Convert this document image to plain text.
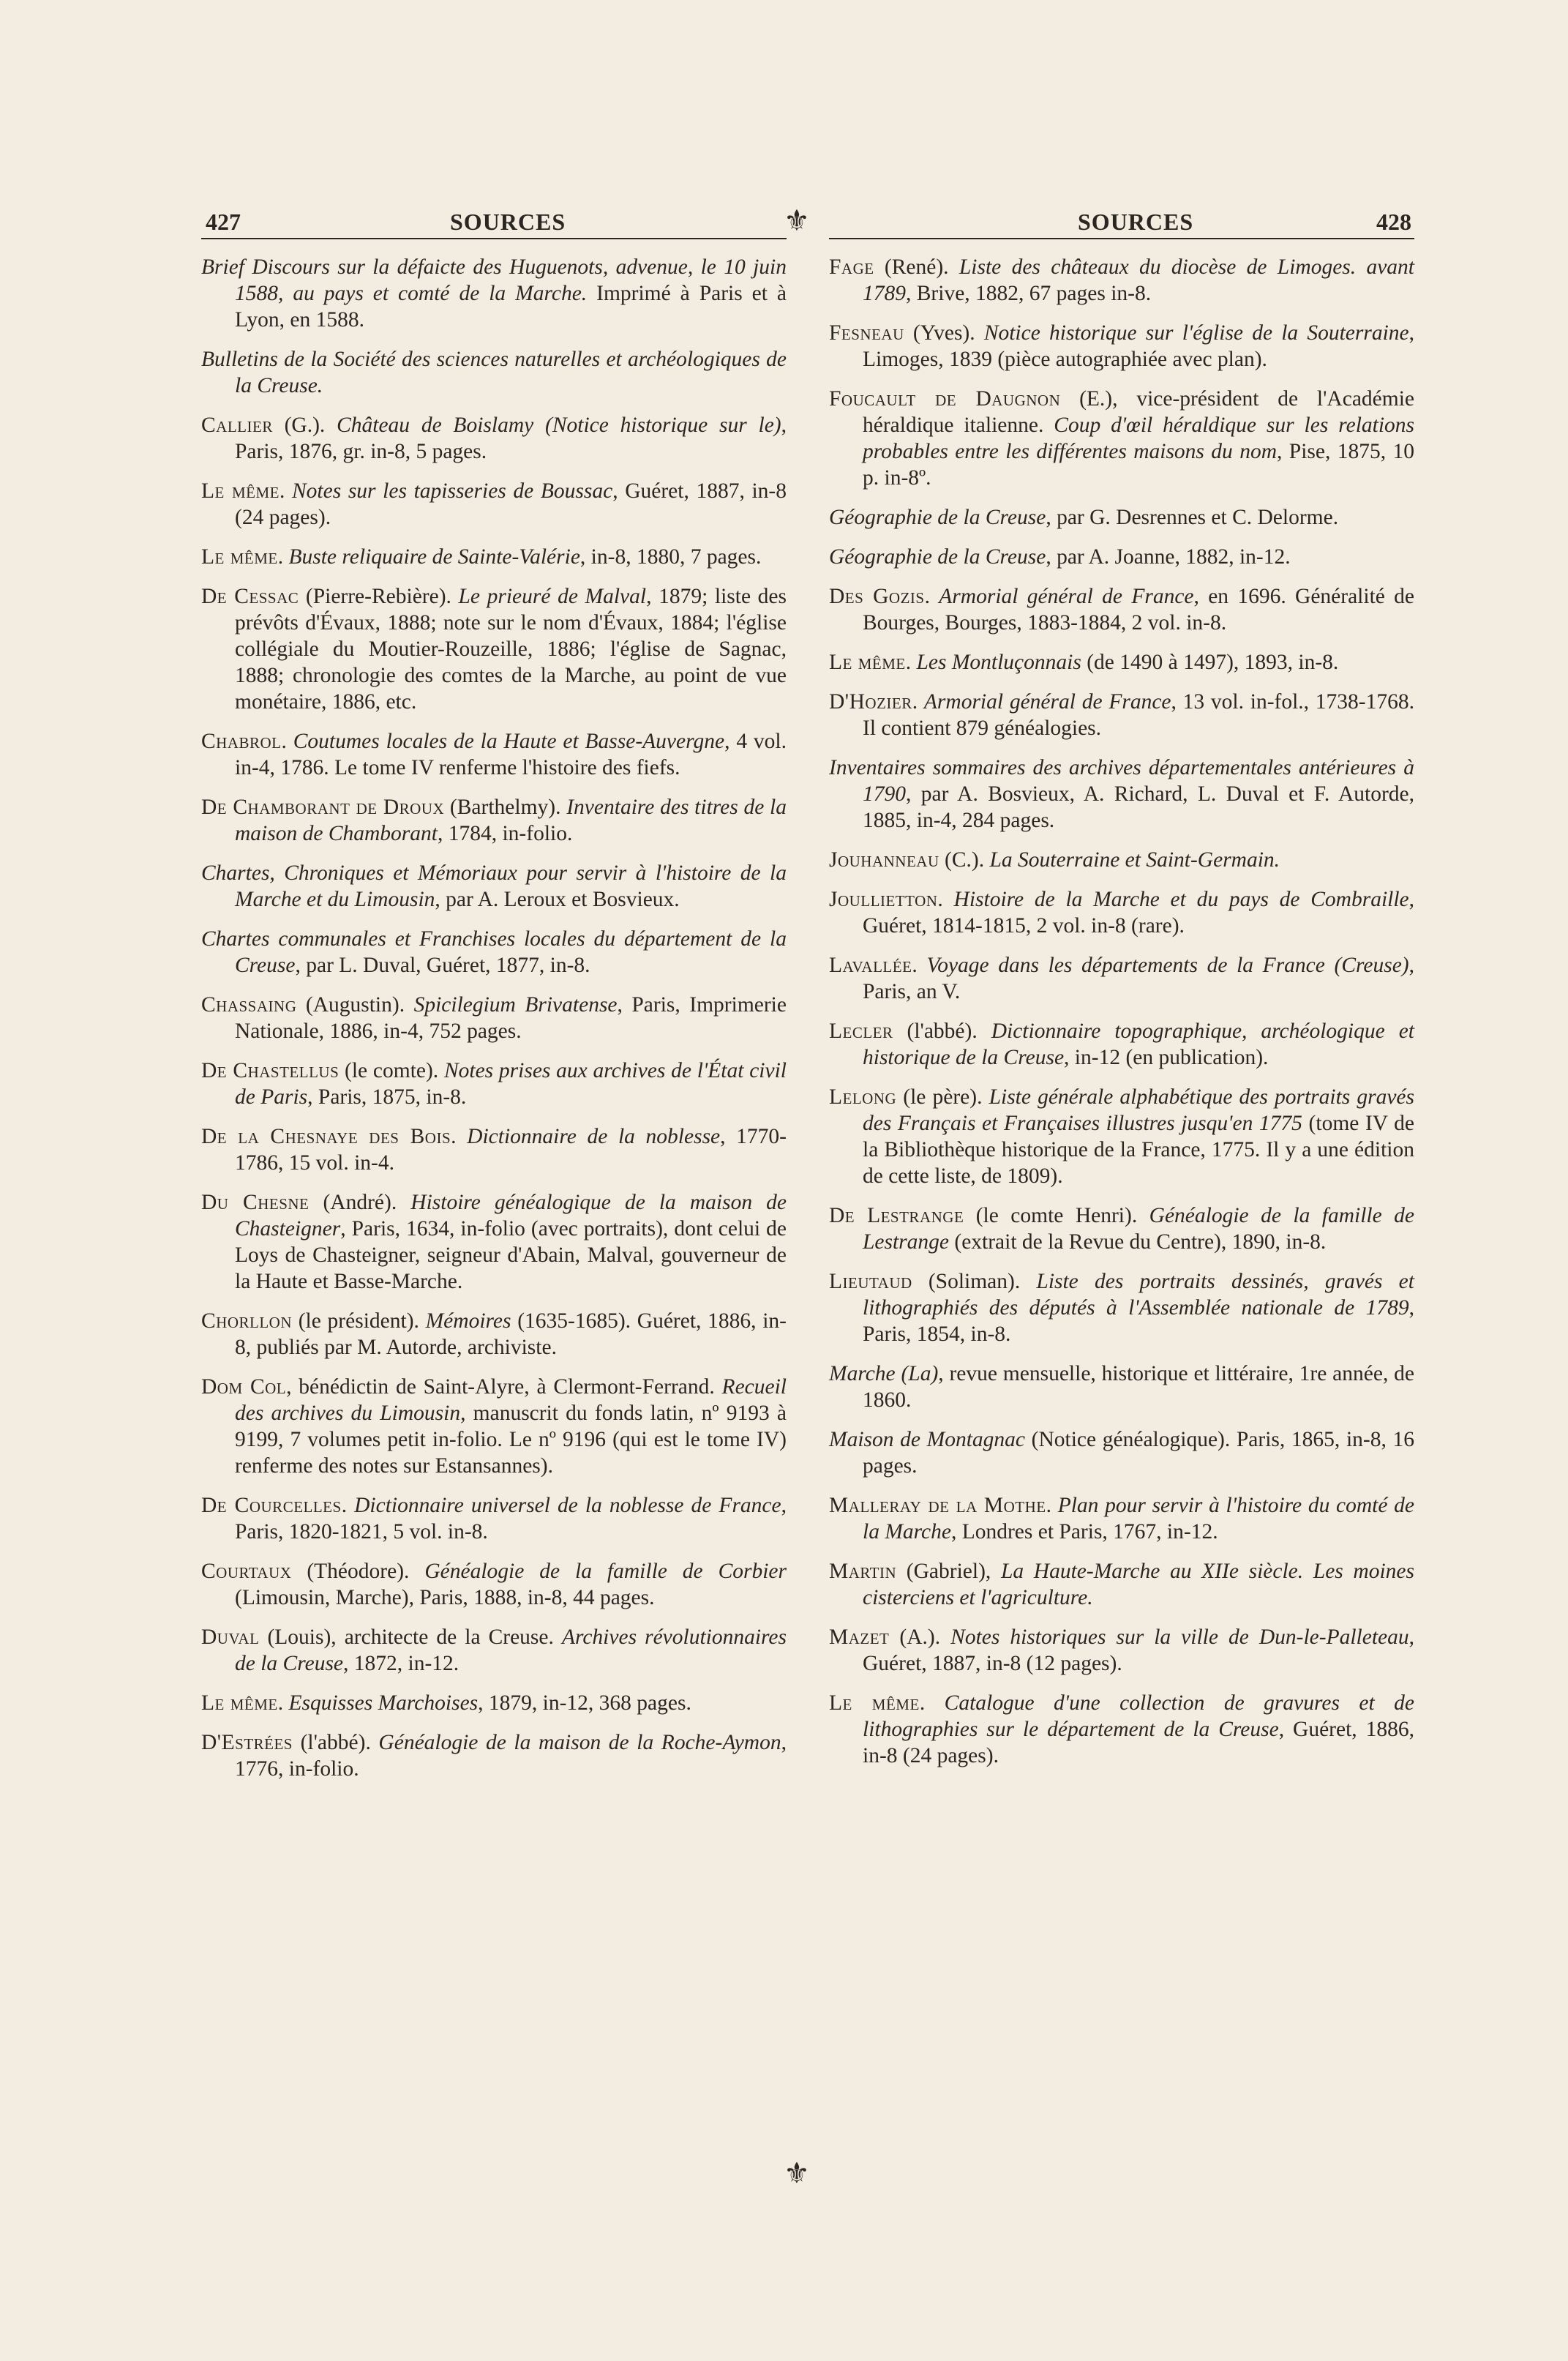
⚜
⚜
427	SOURCES

Brief Discours sur la défaicte des Huguenots, advenue, le 10 juin 1588, au pays et comté de la Marche. Imprimé à Paris et à Lyon, en 1588.

Bulletins de la Société des sciences naturelles et archéologiques de la Creuse.

Callier (G.). Château de Boislamy (Notice historique sur le), Paris, 1876, gr. in-8, 5 pages.

Le même. Notes sur les tapisseries de Boussac, Guéret, 1887, in-8 (24 pages).

Le même. Buste reliquaire de Sainte-Valérie, in-8, 1880, 7 pages.

De Cessac (Pierre-Rebière). Le prieuré de Malval, 1879; liste des prévôts d'Évaux, 1888; note sur le nom d'Évaux, 1884; l'église collégiale du Moutier-Rouzeille, 1886; l'église de Sagnac, 1888; chronologie des comtes de la Marche, au point de vue monétaire, 1886, etc.

Chabrol. Coutumes locales de la Haute et Basse-Auvergne, 4 vol. in-4, 1786. Le tome IV renferme l'histoire des fiefs.

De Chamborant de Droux (Barthelmy). Inventaire des titres de la maison de Chamborant, 1784, in-folio.

Chartes, Chroniques et Mémoriaux pour servir à l'histoire de la Marche et du Limousin, par A. Leroux et Bosvieux.

Chartes communales et Franchises locales du département de la Creuse, par L. Duval, Guéret, 1877, in-8.

Chassaing (Augustin). Spicilegium Brivatense, Paris, Imprimerie Nationale, 1886, in-4, 752 pages.

De Chastellus (le comte). Notes prises aux archives de l'État civil de Paris, Paris, 1875, in-8.

De la Chesnaye des Bois. Dictionnaire de la noblesse, 1770-1786, 15 vol. in-4.

Du Chesne (André). Histoire généalogique de la maison de Chasteigner, Paris, 1634, in-folio (avec portraits), dont celui de Loys de Chasteigner, seigneur d'Abain, Malval, gouverneur de la Haute et Basse-Marche.

Chorllon (le président). Mémoires (1635-1685). Guéret, 1886, in-8, publiés par M. Autorde, archiviste.

Dom Col, bénédictin de Saint-Alyre, à Clermont-Ferrand. Recueil des archives du Limousin, manuscrit du fonds latin, nº 9193 à 9199, 7 volumes petit in-folio. Le nº 9196 (qui est le tome IV) renferme des notes sur Estansannes).

De Courcelles. Dictionnaire universel de la noblesse de France, Paris, 1820-1821, 5 vol. in-8.

Courtaux (Théodore). Généalogie de la famille de Corbier (Limousin, Marche), Paris, 1888, in-8, 44 pages.

Duval (Louis), architecte de la Creuse. Archives révolutionnaires de la Creuse, 1872, in-12.

Le même. Esquisses Marchoises, 1879, in-12, 368 pages.

D'Estrées (l'abbé). Généalogie de la maison de la Roche-Aymon, 1776, in-folio.

SOURCES	428

Fage (René). Liste des châteaux du diocèse de Limoges. avant 1789, Brive, 1882, 67 pages in-8.

Fesneau (Yves). Notice historique sur l'église de la Souterraine, Limoges, 1839 (pièce autographiée avec plan).

Foucault de Daugnon (E.), vice-président de l'Académie héraldique italienne. Coup d'œil héraldique sur les relations probables entre les différentes maisons du nom, Pise, 1875, 10 p. in-8º.

Géographie de la Creuse, par G. Desrennes et C. Delorme.

Géographie de la Creuse, par A. Joanne, 1882, in-12.

Des Gozis. Armorial général de France, en 1696. Généralité de Bourges, Bourges, 1883-1884, 2 vol. in-8.

Le même. Les Montluçonnais (de 1490 à 1497), 1893, in-8.

D'Hozier. Armorial général de France, 13 vol. in-fol., 1738-1768. Il contient 879 généalogies.

Inventaires sommaires des archives départementales antérieures à 1790, par A. Bosvieux, A. Richard, L. Duval et F. Autorde, 1885, in-4, 284 pages.

Jouhanneau (C.). La Souterraine et Saint-Germain.

Joullietton. Histoire de la Marche et du pays de Combraille, Guéret, 1814-1815, 2 vol. in-8 (rare).

Lavallée. Voyage dans les départements de la France (Creuse), Paris, an V.

Lecler (l'abbé). Dictionnaire topographique, archéologique et historique de la Creuse, in-12 (en publication).

Lelong (le père). Liste générale alphabétique des portraits gravés des Français et Françaises illustres jusqu'en 1775 (tome IV de la Bibliothèque historique de la France, 1775. Il y a une édition de cette liste, de 1809).

De Lestrange (le comte Henri). Généalogie de la famille de Lestrange (extrait de la Revue du Centre), 1890, in-8.

Lieutaud (Soliman). Liste des portraits dessinés, gravés et lithographiés des députés à l'Assemblée nationale de 1789, Paris, 1854, in-8.

Marche (La), revue mensuelle, historique et littéraire, 1re année, de 1860.

Maison de Montagnac (Notice généalogique). Paris, 1865, in-8, 16 pages.

Malleray de la Mothe. Plan pour servir à l'histoire du comté de la Marche, Londres et Paris, 1767, in-12.

Martin (Gabriel), La Haute-Marche au XIIe siècle. Les moines cisterciens et l'agriculture.

Mazet (A.). Notes historiques sur la ville de Dun-le-Palleteau, Guéret, 1887, in-8 (12 pages).

Le même. Catalogue d'une collection de gravures et de lithographies sur le département de la Creuse, Guéret, 1886, in-8 (24 pages).
